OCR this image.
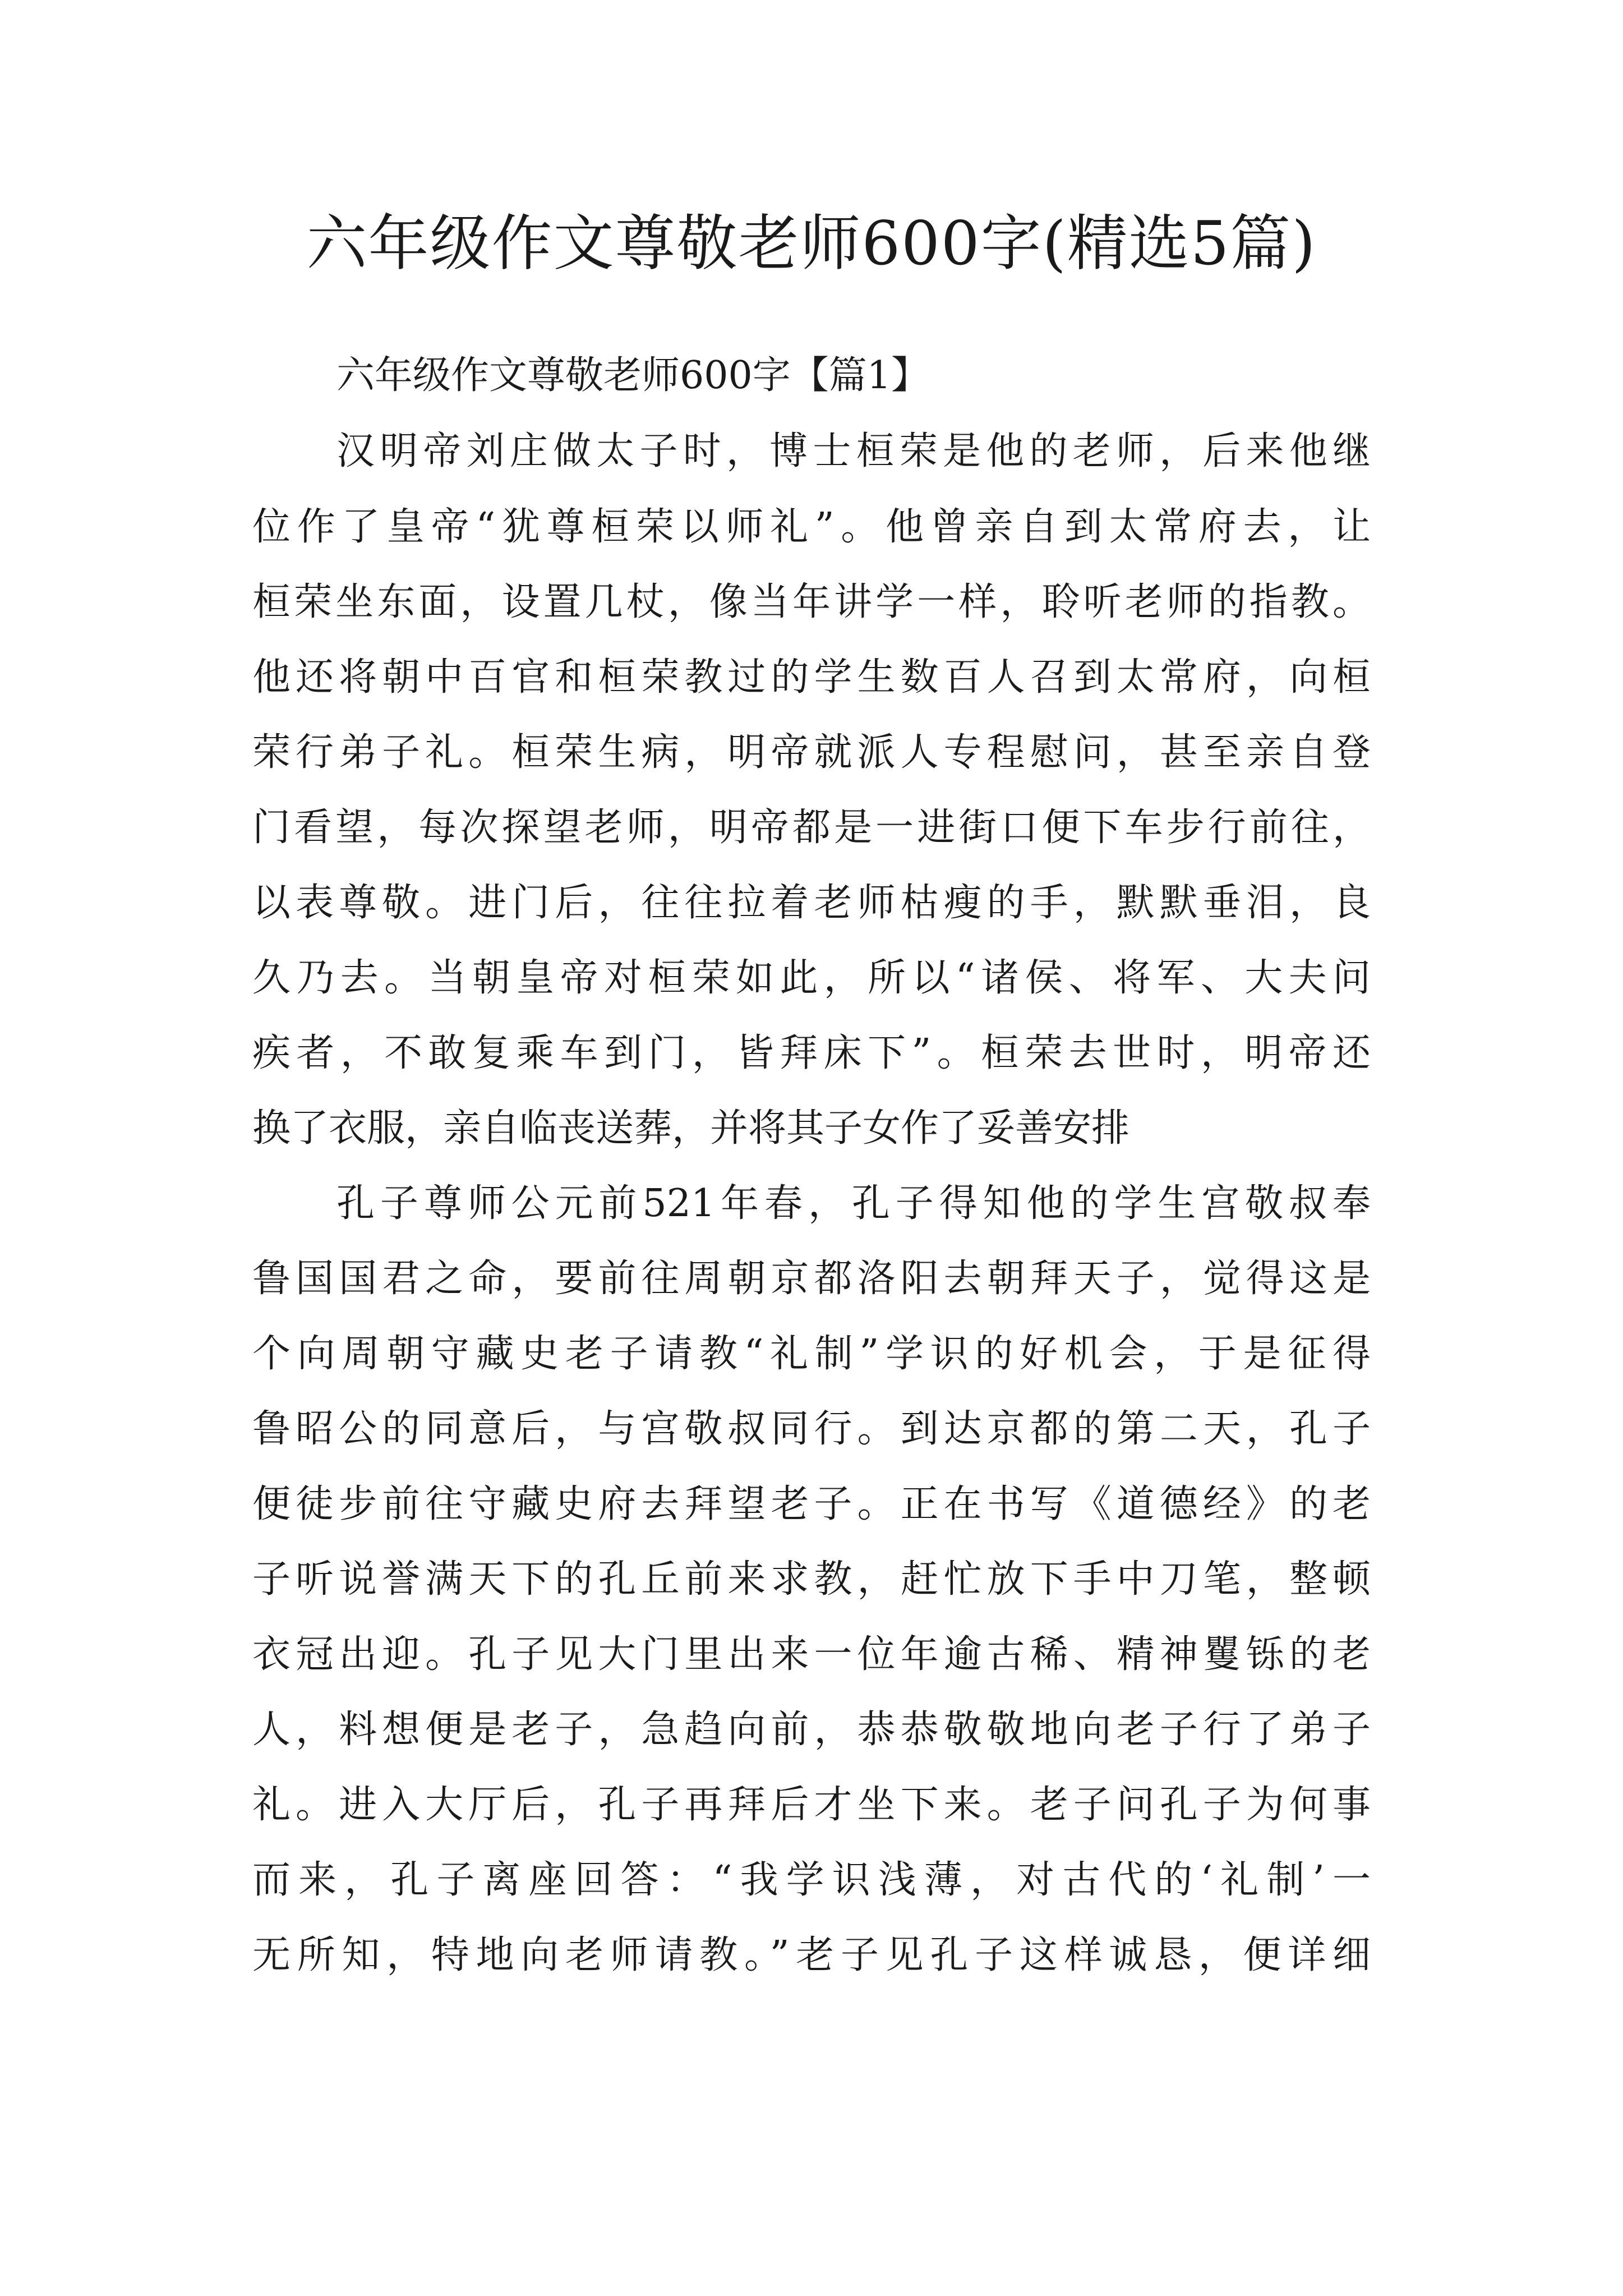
六年级作文尊敬老师600字(精选5篇)
六年级作文尊敬老师600字【篇1】
汉明帝刘庄做太子时，博士桓荣是他的老师，后来他继
位作了皇帝“犹尊桓荣以师礼”。他曾亲自到太常府去，让
桓荣坐东面，设置几杖，像当年讲学一样，聆听老师的指教。
他还将朝中百官和桓荣教过的学生数百人召到太常府，向桓
荣行弟子礼。桓荣生病，明帝就派人专程慰问，甚至亲自登
门看望，每次探望老师，明帝都是一进街口便下车步行前往，
以表尊敬。进门后，往往拉着老师枯瘦的手，默默垂泪，良
久乃去。当朝皇帝对桓荣如此，所以“诸侯、将军、大夫问
疾者，不敢复乘车到门，皆拜床下”。桓荣去世时，明帝还
换了衣服，亲自临丧送葬，并将其子女作了妥善安排
孔子尊师公元前521年春，孔子得知他的学生宫敬叔奉
鲁国国君之命，要前往周朝京都洛阳去朝拜天子，觉得这是
个向周朝守藏史老子请教“礼制”学识的好机会，于是征得
鲁昭公的同意后，与宫敬叔同行。到达京都的第二天，孔子
便徒步前往守藏史府去拜望老子。正在书写《道德经》的老
子听说誉满天下的孔丘前来求教，赶忙放下手中刀笔，整顿
衣冠出迎。孔子见大门里出来一位年逾古稀、精神矍铄的老
人，料想便是老子，急趋向前，恭恭敬敬地向老子行了弟子
礼。进入大厅后，孔子再拜后才坐下来。老子问孔子为何事
而来，孔子离座回答：“我学识浅薄，对古代的‘礼制’一
无所知，特地向老师请教。”老子见孔子这样诚恳，便详细
